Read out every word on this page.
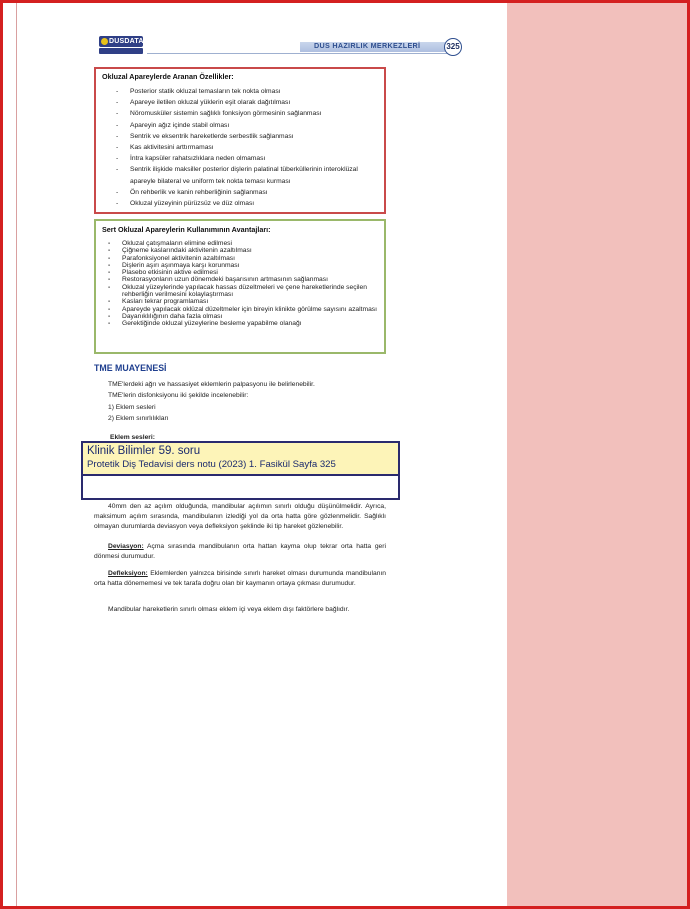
DUSDATA	DUS HAZIRLIK MERKEZLERİ	325
Okluzal Apareylerde Aranan Özellikler:
- Posterior statik okluzal temasların tek nokta olması
- Apareye iletilen okluzal yüklerin eşit olarak dağıtılması
- Nöromusküler sistemin sağlıklı fonksiyon görmesinin sağlanması
- Apareyin ağız içinde stabil olması
- Sentrik ve eksentrik hareketlerde serbestlik sağlanması
- Kas aktivitesini arttırmaması
- İntra kapsüler rahatsızlıklara neden olmaması
- Sentrik ilişkide maksiller posterior dişlerin palatinal tüberküllerinin interoklüzal apareyle bilateral ve uniform tek nokta teması kurması
- Ön rehberlik ve kanin rehberliğinin sağlanması
- Okluzal yüzeyinin pürüzsüz ve düz olması
Sert Okluzal Apareylerin Kullanımının Avantajları:
- Okluzal çatışmaların elimine edilmesi
- Çiğneme kaslarındaki aktivitenin azaltılması
- Parafonksiyonel aktivitenin azaltılması
- Dişlerin aşırı aşınmaya karşı korunması
- Plasebo etkisinin aktive edilmesi
- Restorasyonların uzun dönemdeki başarısının artmasının sağlanması
- Okluzal yüzeylerinde yapılacak hassas düzeltmeleri ve çene hareketlerinde seçilen rehberliğin verilmesini kolaylaştırması
- Kasları tekrar programlaması
- Apareyde yapılacak oklüzal düzeltmeler için bireyin klinikte görülme sayısını azaltması
- Dayanıklılığının daha fazla olması
- Gerektiğinde okluzal yüzeylerine besleme yapabilme olanağı
TME MUAYENESİ
TME'lerdeki ağrı ve hassasiyet eklemlerin palpasyonu ile belirlenebilir.
TME'lerin disfonksiyonu iki şekilde incelenebilir:
1) Eklem sesleri
2) Eklem sınırlılıkları
Eklem sesleri:
40mm den az açılım olduğunda, mandibular açılımın sınırlı olduğu düşünülmelidir. Ayrıca, maksimum açılım sırasında, mandibulanın izlediği yol da orta hatta göre gözlenmelidir. Sağlıklı olmayan durumlarda deviasyon veya defleksiyon şeklinde iki tip hareket gözlenebilir.
Deviasyon: Açma sırasında mandibulanın orta hattan kayma olup tekrar orta hatta geri dönmesi durumudur.
Defleksiyon: Eklemlerden yalnızca birisinde sınırlı hareket olması durumunda mandibulanın orta hatta dönememesi ve tek tarafa doğru olan bir kaymanın ortaya çıkması durumudur.
Mandibular hareketlerin sınırlı olması eklem içi veya eklem dışı faktörlere bağlıdır.
Klinik Bilimler 59. soru
Protetik Diş Tedavisi ders notu (2023) 1. Fasikül Sayfa 325
